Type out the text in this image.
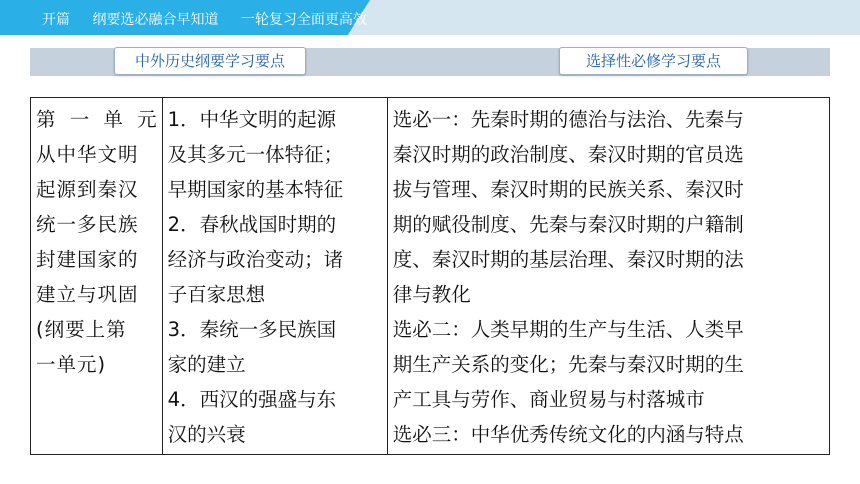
开篇 纲要选必融合早知道 一轮复习全面更高效
中外历史纲要学习要点	选择性必修学习要点
第 一 单 元
从中华文明
起源到秦汉
统一多民族
封建国家的
建立与巩固
(纲要上第
一单元)

1．中华文明的起源
及其多元一体特征；
早期国家的基本特征
2．春秋战国时期的
经济与政治变动；诸
子百家思想
3．秦统一多民族国
家的建立
4．西汉的强盛与东
汉的兴衰

选必一：先秦时期的德治与法治、先秦与
秦汉时期的政治制度、秦汉时期的官员选
拔与管理、秦汉时期的民族关系、秦汉时
期的赋役制度、先秦与秦汉时期的户籍制
度、秦汉时期的基层治理、秦汉时期的法
律与教化
选必二：人类早期的生产与生活、人类早
期生产关系的变化；先秦与秦汉时期的生
产工具与劳作、商业贸易与村落城市
选必三：中华优秀传统文化的内涵与特点
